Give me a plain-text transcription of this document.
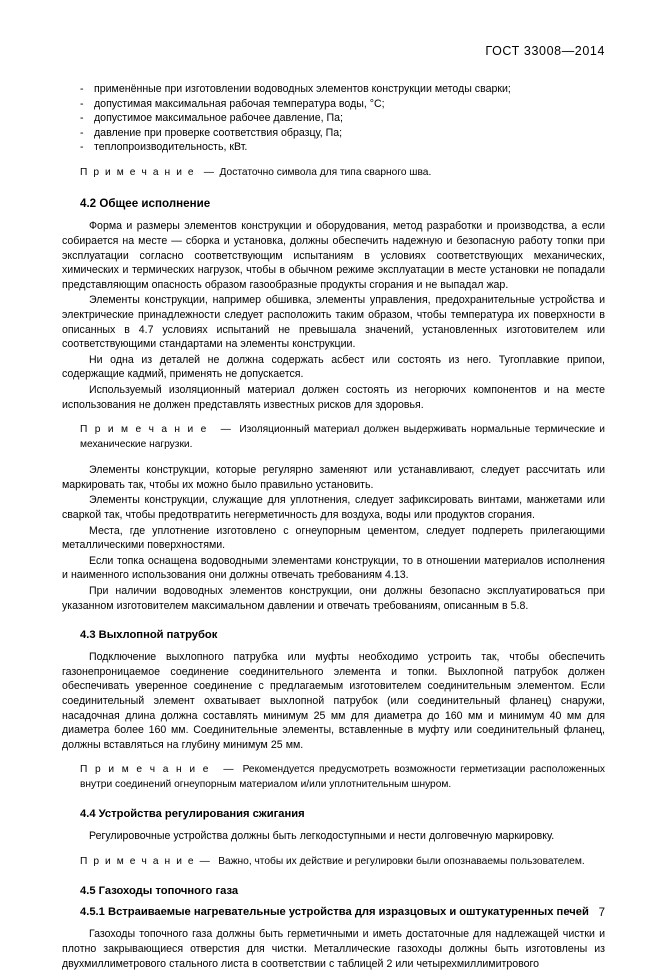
ГОСТ 33008—2014
- применённые при изготовлении водоводных элементов конструкции методы сварки;
- допустимая максимальная рабочая температура воды, °С;
- допустимое максимальное рабочее давление, Па;
- давление при проверке соответствия образцу, Па;
- теплопроизводительность, кВт.
П р и м е ч а н и е   —  Достаточно символа для типа сварного шва.
4.2 Общее исполнение

Форма и размеры элементов конструкции и оборудования, метод разработки и производства, а если собирается на месте — сборка и установка, должны обеспечить надежную и безопасную работу топки при эксплуатации согласно соответствующим испытаниям в условиях соответствующих механических, химических и термических нагрузок, чтобы в обычном режиме эксплуатации в месте установки не попадали представляющим опасность образом газообразные продукты сгорания и не выпадал жар.

Элементы конструкции, например обшивка, элементы управления, предохранительные устройства и электрические принадлежности следует расположить таким образом, чтобы температура их поверхности в описанных в 4.7 условиях испытаний не превышала значений, установленных изготовителем или соответствующими стандартами на элементы конструкции.

Ни одна из деталей не должна содержать асбест или состоять из него. Тугоплавкие припои, содержащие кадмий, применять не допускается.

Используемый изоляционный материал должен состоять из негорючих компонентов и на месте использования не должен представлять известных рисков для здоровья.

П р и м е ч а н и е   —  Изоляционный материал должен выдерживать нормальные термические и механические нагрузки.

Элементы конструкции, которые регулярно заменяют или устанавливают, следует рассчитать или маркировать так, чтобы их можно было правильно установить.

Элементы конструкции, служащие для уплотнения, следует зафиксировать винтами, манжетами или сваркой так, чтобы предотвратить негерметичность для воздуха, воды или продуктов сгорания.

Места, где уплотнение изготовлено с огнеупорным цементом, следует подпереть прилегающими металлическими поверхностями.

Если топка оснащена водоводными элементами конструкции, то в отношении материалов исполнения и наименного использования они должны отвечать требованиям 4.13.

При наличии водоводных элементов конструкции, они должны безопасно эксплуатироваться при указанном изготовителем максимальном давлении и отвечать требованиям, описанным в 5.8.

4.3 Выхлопной патрубок

Подключение выхлопного патрубка или муфты необходимо устроить так, чтобы обеспечить газонепроницаемое соединение соединительного элемента и топки. Выхлопной патрубок должен обеспечивать уверенное соединение с предлагаемым изготовителем соединительным элементом. Если соединительный элемент охватывает выхлопной патрубок (или соединительный фланец) снаружи, насадочная длина должна составлять минимум 25 мм для диаметра до 160 мм и минимум 40 мм для диаметра более 160 мм. Соединительные элементы, вставленные в муфту или соединительный фланец, должны вставляться на глубину минимум 25 мм.

П р и м е ч а н и е   —  Рекомендуется предусмотреть возможности герметизации расположенных внутри соединений огнеупорным материалом и/или уплотнительным шнуром.
4.4 Устройства регулирования сжигания

Регулировочные устройства должны быть легкодоступными и нести долговечную маркировку.

П р и м е ч а н и е — Важно, чтобы их действие и регулировки были опознаваемы пользователем.
4.5 Газоходы топочного газа
4.5.1 Встраиваемые нагревательные устройства для изразцовых и оштукатуренных печей

Газоходы топочного газа должны быть герметичными и иметь достаточные для надлежащей чистки и плотно закрывающиеся отверстия для чистки. Металлические газоходы должны быть изготовлены из двухмиллиметрового стального листа в соответствии с таблицей 2 или четырехмиллимитрового

7
